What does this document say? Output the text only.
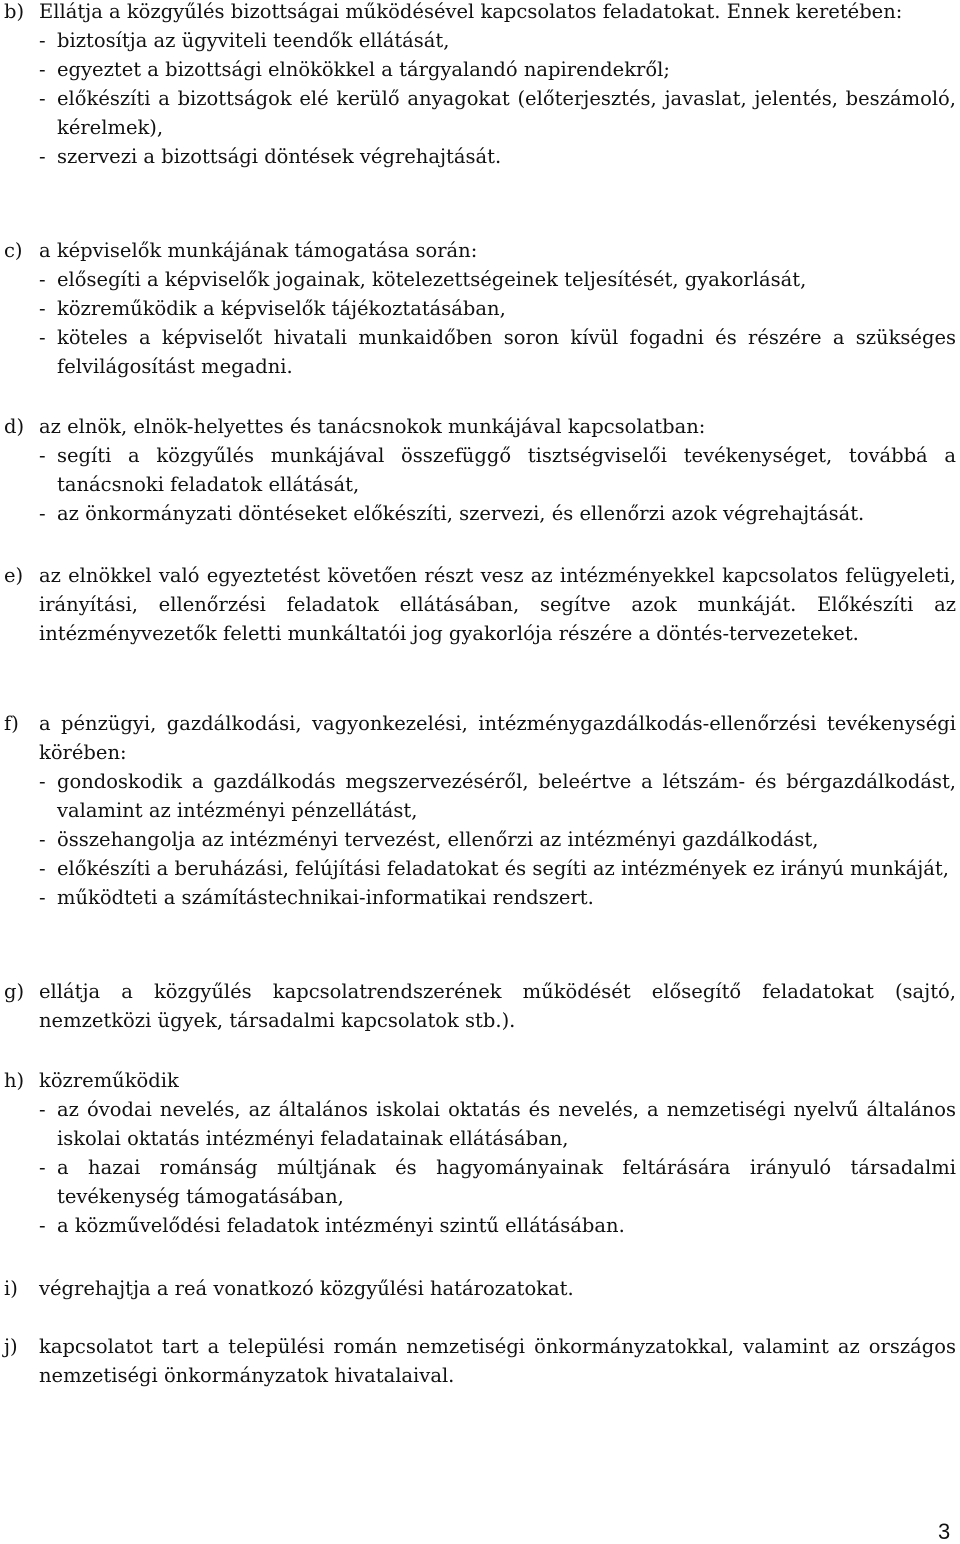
b) Ellátja a közgyűlés bizottságai működésével kapcsolatos feladatokat. Ennek keretében:
- biztosítja az ügyviteli teendők ellátását,
- egyeztet a bizottsági elnökökkel a tárgyalandó napirendekről;
- előkészíti a bizottságok elé kerülő anyagokat (előterjesztés, javaslat, jelentés, beszámoló, kérelmek),
- szervezi a bizottsági döntések végrehajtását.
c) a képviselők munkájának támogatása során:
- elősegíti a képviselők jogainak, kötelezettségeinek teljesítését, gyakorlását,
- közreműködik a képviselők tájékoztatásában,
- köteles a képviselőt hivatali munkaidőben soron kívül fogadni és részére a szükséges felvilágosítást megadni.
d) az elnök, elnök-helyettes és tanácsnokok munkájával kapcsolatban:
- segíti a közgyűlés munkájával összefüggő tisztségviselői tevékenységet, továbbá a tanácsnoki feladatok ellátását,
- az önkormányzati döntéseket előkészíti, szervezi, és ellenőrzi azok végrehajtását.
e) az elnökkel való egyeztetést követően részt vesz az intézményekkel kapcsolatos felügyeleti, irányítási, ellenőrzési feladatok ellátásában, segítve azok munkáját. Előkészíti az intézményvezetők feletti munkáltatói jog gyakorlója részére a döntés-tervezeteket.
f)	a pénzügyi, gazdálkodási, vagyonkezelési, intézménygazdálkodás-ellenőrzési tevékenységi körében:
- gondoskodik a gazdálkodás megszervezéséről, beleértve a létszám- és bérgazdálkodást, valamint az intézményi pénzellátást,
- összehangolja az intézményi tervezést, ellenőrzi az intézményi gazdálkodást,
- előkészíti a beruházási, felújítási feladatokat és segíti az intézmények ez irányú munkáját,
- működteti a számítástechnikai-informatikai rendszert.
g) ellátja a közgyűlés kapcsolatrendszerének működését elősegítő feladatokat (sajtó, nemzetközi ügyek, társadalmi kapcsolatok stb.).
h) közreműködik
- az óvodai nevelés, az általános iskolai oktatás és nevelés, a nemzetiségi nyelvű általános iskolai oktatás intézményi feladatainak ellátásában,
- a hazai románság múltjának és hagyományainak feltárására irányuló társadalmi tevékenység támogatásában,
- a közművelődési feladatok intézményi szintű ellátásában.
i)	végrehajtja a reá vonatkozó közgyűlési határozatokat.
j)	kapcsolatot tart a települési román nemzetiségi önkormányzatokkal, valamint az országos nemzetiségi önkormányzatok hivatalaival.
3
